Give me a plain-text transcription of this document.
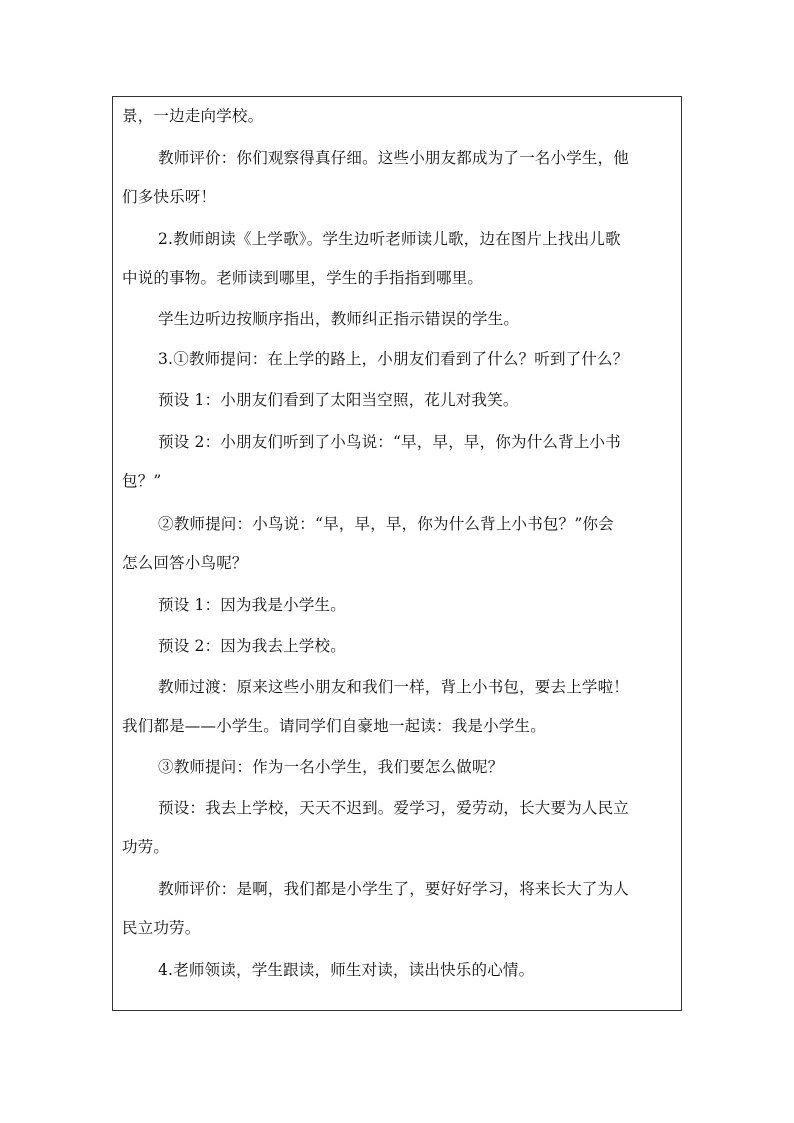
景，一边走向学校。
教师评价：你们观察得真仔细。这些小朋友都成为了一名小学生，他
们多快乐呀！
2.教师朗读《上学歌》。学生边听老师读儿歌，边在图片上找出儿歌
中说的事物。老师读到哪里，学生的手指指到哪里。
学生边听边按顺序指出，教师纠正指示错误的学生。
3.①教师提问：在上学的路上，小朋友们看到了什么？听到了什么？
预设 1：小朋友们看到了太阳当空照，花儿对我笑。
预设 2：小朋友们听到了小鸟说：“早，早，早，你为什么背上小书
包？”
②教师提问：小鸟说：“早，早，早，你为什么背上小书包？”你会
怎么回答小鸟呢？
预设 1：因为我是小学生。
预设 2：因为我去上学校。
教师过渡：原来这些小朋友和我们一样，背上小书包，要去上学啦！
我们都是——小学生。请同学们自豪地一起读：我是小学生。
③教师提问：作为一名小学生，我们要怎么做呢？
预设：我去上学校，天天不迟到。爱学习，爱劳动，长大要为人民立
功劳。
教师评价：是啊，我们都是小学生了，要好好学习，将来长大了为人
民立功劳。
4.老师领读，学生跟读，师生对读，读出快乐的心情。
